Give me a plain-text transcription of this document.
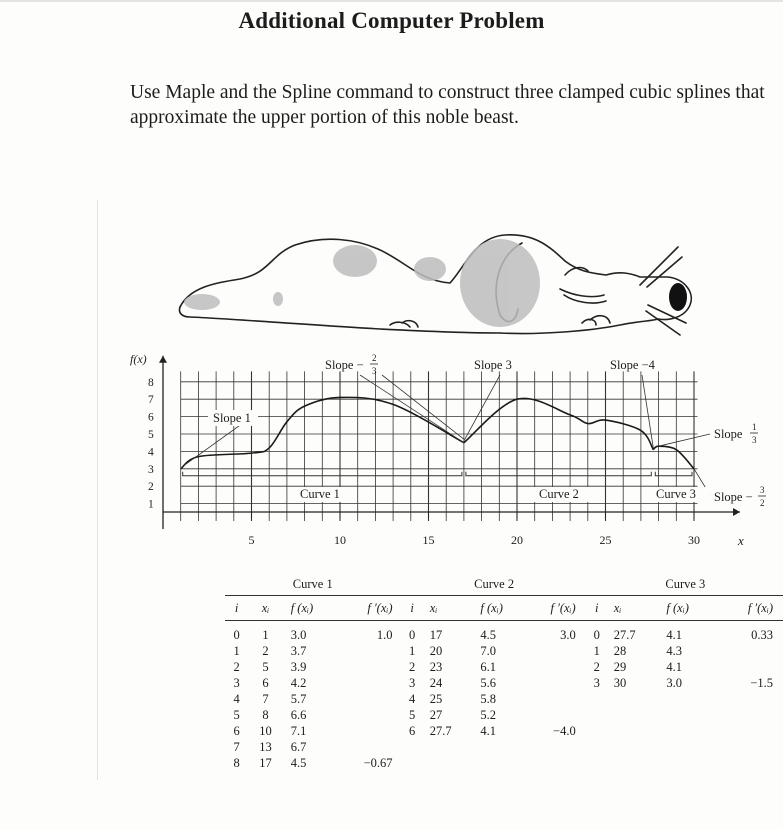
Additional Computer Problem

Use Maple and the Spline command to construct three clamped cubic splines that approximate the upper portion of this noble beast.

f(x)
x
1
2
3
4
5
6
7
8
5	10	15	20	25	30
Slope 1
Slope − 2
3	Slope 3	Slope −4
Slope 1
3
Slope − 3
2
Curve 1	Curve 2	Curve 3
Curve 1				Curve 2				Curve 3			
i	xᵢ	f (xᵢ)	f ′(xᵢ)	i	xᵢ	f (xᵢ)	f ′(xᵢ)	i	xᵢ	f (xᵢ)	f ′(xᵢ)
0	1	3.0	1.0	0	17	4.5	3.0	0	27.7	4.1	0.33
1	2	3.7		1	20	7.0		1	28	4.3	
2	5	3.9		2	23	6.1		2	29	4.1	
3	6	4.2		3	24	5.6		3	30	3.0	−1.5
4	7	5.7		4	25	5.8					
5	8	6.6		5	27	5.2					
6	10	7.1		6	27.7	4.1	−4.0				
7	13	6.7									
8	17	4.5	−0.67								
